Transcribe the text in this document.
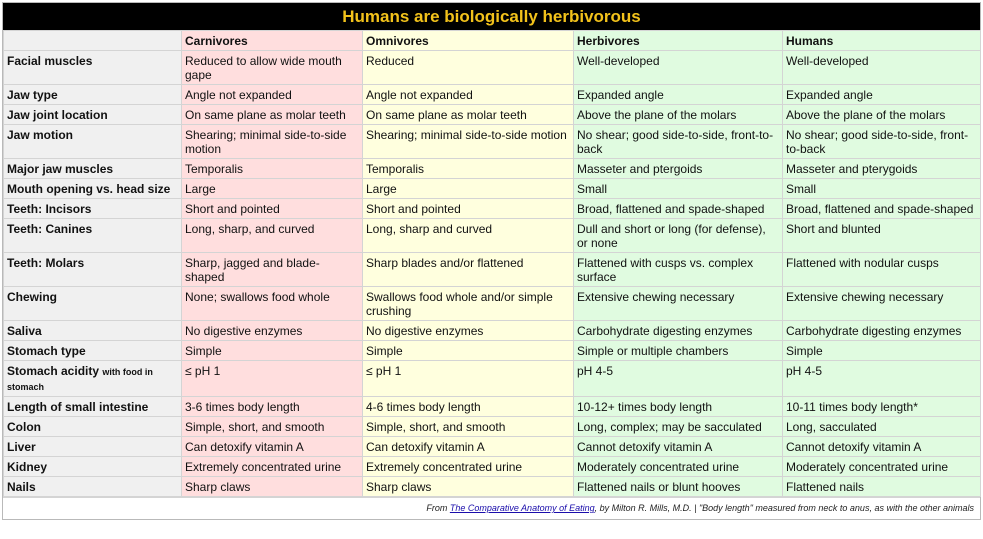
Humans are biologically herbivorous
	Carnivores	Omnivores	Herbivores	Humans
Facial muscles	Reduced to allow wide mouth gape	Reduced	Well-developed	Well-developed
Jaw type	Angle not expanded	Angle not expanded	Expanded angle	Expanded angle
Jaw joint location	On same plane as molar teeth	On same plane as molar teeth	Above the plane of the molars	Above the plane of the molars
Jaw motion	Shearing; minimal side-to-side motion	Shearing; minimal side-to-side motion	No shear; good side-to-side, front-to-back	No shear; good side-to-side, front-to-back
Major jaw muscles	Temporalis	Temporalis	Masseter and ptergoids	Masseter and pterygoids
Mouth opening vs. head size	Large	Large	Small	Small
Teeth: Incisors	Short and pointed	Short and pointed	Broad, flattened and spade-shaped	Broad, flattened and spade-shaped
Teeth: Canines	Long, sharp, and curved	Long, sharp and curved	Dull and short or long (for defense), or none	Short and blunted
Teeth: Molars	Sharp, jagged and blade-shaped	Sharp blades and/or flattened	Flattened with cusps vs. complex surface	Flattened with nodular cusps
Chewing	None; swallows food whole	Swallows food whole and/or simple crushing	Extensive chewing necessary	Extensive chewing necessary
Saliva	No digestive enzymes	No digestive enzymes	Carbohydrate digesting enzymes	Carbohydrate digesting enzymes
Stomach type	Simple	Simple	Simple or multiple chambers	Simple
Stomach acidity with food in stomach	≤ pH 1	≤ pH 1	pH 4-5	pH 4-5
Length of small intestine	3-6 times body length	4-6 times body length	10-12+ times body length	10-11 times body length*
Colon	Simple, short, and smooth	Simple, short, and smooth	Long, complex; may be sacculated	Long, sacculated
Liver	Can detoxify vitamin A	Can detoxify vitamin A	Cannot detoxify vitamin A	Cannot detoxify vitamin A
Kidney	Extremely concentrated urine	Extremely concentrated urine	Moderately concentrated urine	Moderately concentrated urine
Nails	Sharp claws	Sharp claws	Flattened nails or blunt hooves	Flattened nails
From The Comparative Anatomy of Eating, by Milton R. Mills, M.D. | "Body length" measured from neck to anus, as with the other animals
